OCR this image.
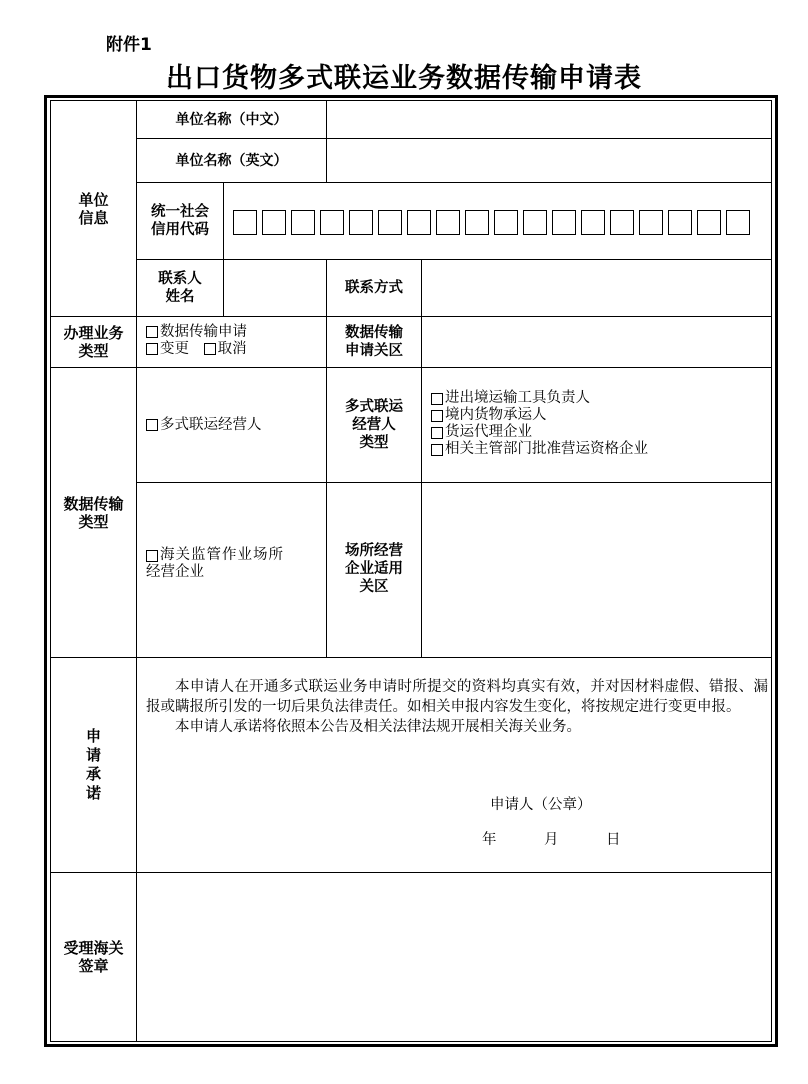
附件1
出口货物多式联运业务数据传输申请表
单位
信息
单位名称（中文）
单位名称（英文）
统一社会
信用代码
联系人
姓名
联系方式
办理业务
类型
数据传输申请
变更
取消
数据传输
申请关区
数据传输
类型
多式联运经营人
多式联运
经营人
类型
进出境运输工具负责人
境内货物承运人
货运代理企业
相关主管部门批准营运资格企业
海关监管作业场所
经营企业
场所经营
企业适用
关区
申
请
承
诺

本申请人在开通多式联运业务申请时所提交的资料均真实有效，并对因材料虚假、错报、漏报或瞒报所引发的一切后果负法律责任。如相关申报内容发生变化，将按规定进行变更申报。

本申请人承诺将依照本公告及相关法律法规开展相关海关业务。

申请人（公章）
年	月	日
受理海关
签章
